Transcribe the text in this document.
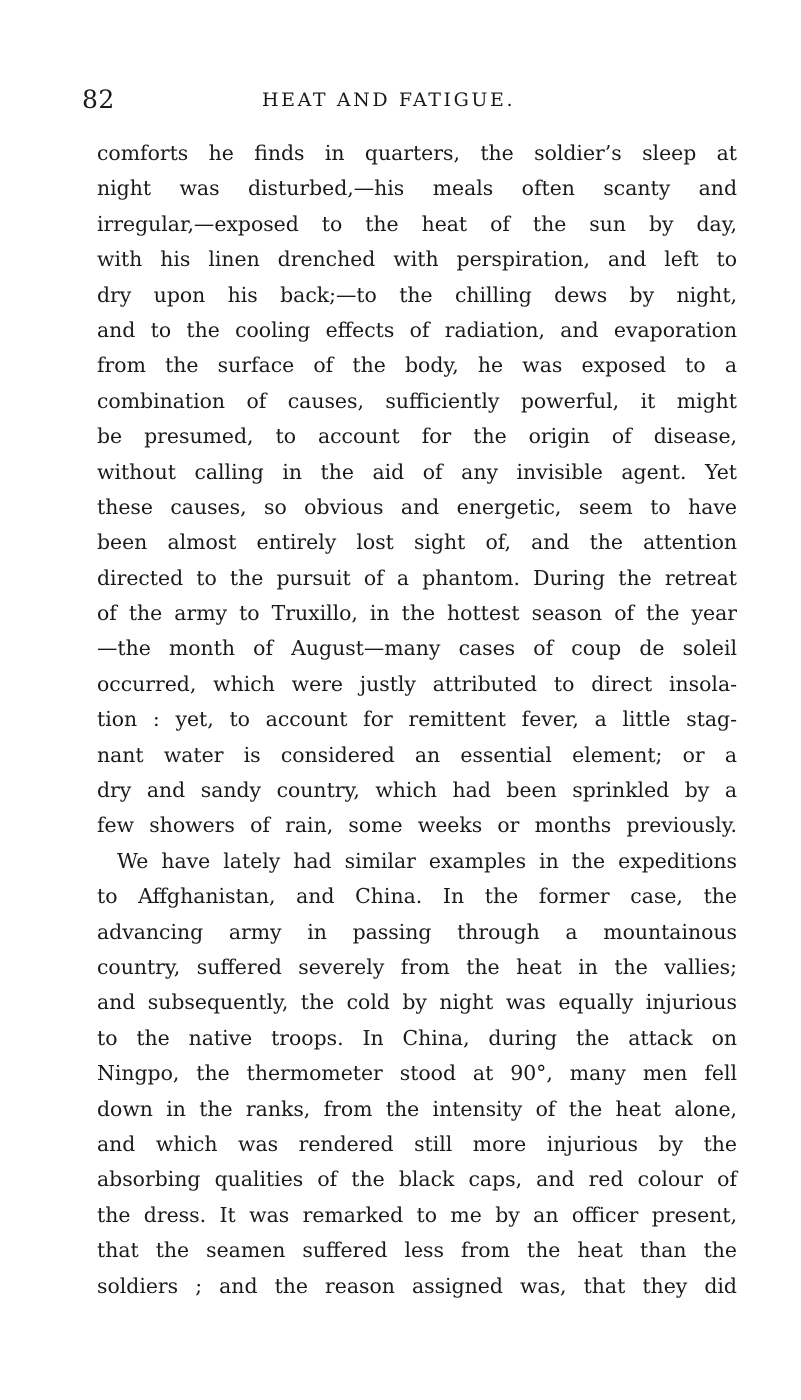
82	HEAT AND FATIGUE.
comforts he finds in quarters, the soldier’s sleep at
night was disturbed,—his meals often scanty and
irregular,—exposed to the heat of the sun by day,
with his linen drenched with perspiration, and left to
dry upon his back;—to the chilling dews by night,
and to the cooling effects of radiation, and evaporation
from the surface of the body, he was exposed to a
combination of causes, sufficiently powerful, it might
be presumed, to account for the origin of disease,
without calling in the aid of any invisible agent. Yet
these causes, so obvious and energetic, seem to have
been almost entirely lost sight of, and the attention
directed to the pursuit of a phantom. During the retreat
of the army to Truxillo, in the hottest season of the year
—the month of August—many cases of coup de soleil
occurred, which were justly attributed to direct insola-
tion : yet, to account for remittent fever, a little stag-
nant water is considered an essential element; or a
dry and sandy country, which had been sprinkled by a
few showers of rain, some weeks or months previously.
We have lately had similar examples in the expeditions
to Affghanistan, and China. In the former case, the
advancing army in passing through a mountainous
country, suffered severely from the heat in the vallies;
and subsequently, the cold by night was equally injurious
to the native troops. In China, during the attack on
Ningpo, the thermometer stood at 90°, many men fell
down in the ranks, from the intensity of the heat alone,
and which was rendered still more injurious by the
absorbing qualities of the black caps, and red colour of
the dress. It was remarked to me by an officer present,
that the seamen suffered less from the heat than the
soldiers ; and the reason assigned was, that they did
